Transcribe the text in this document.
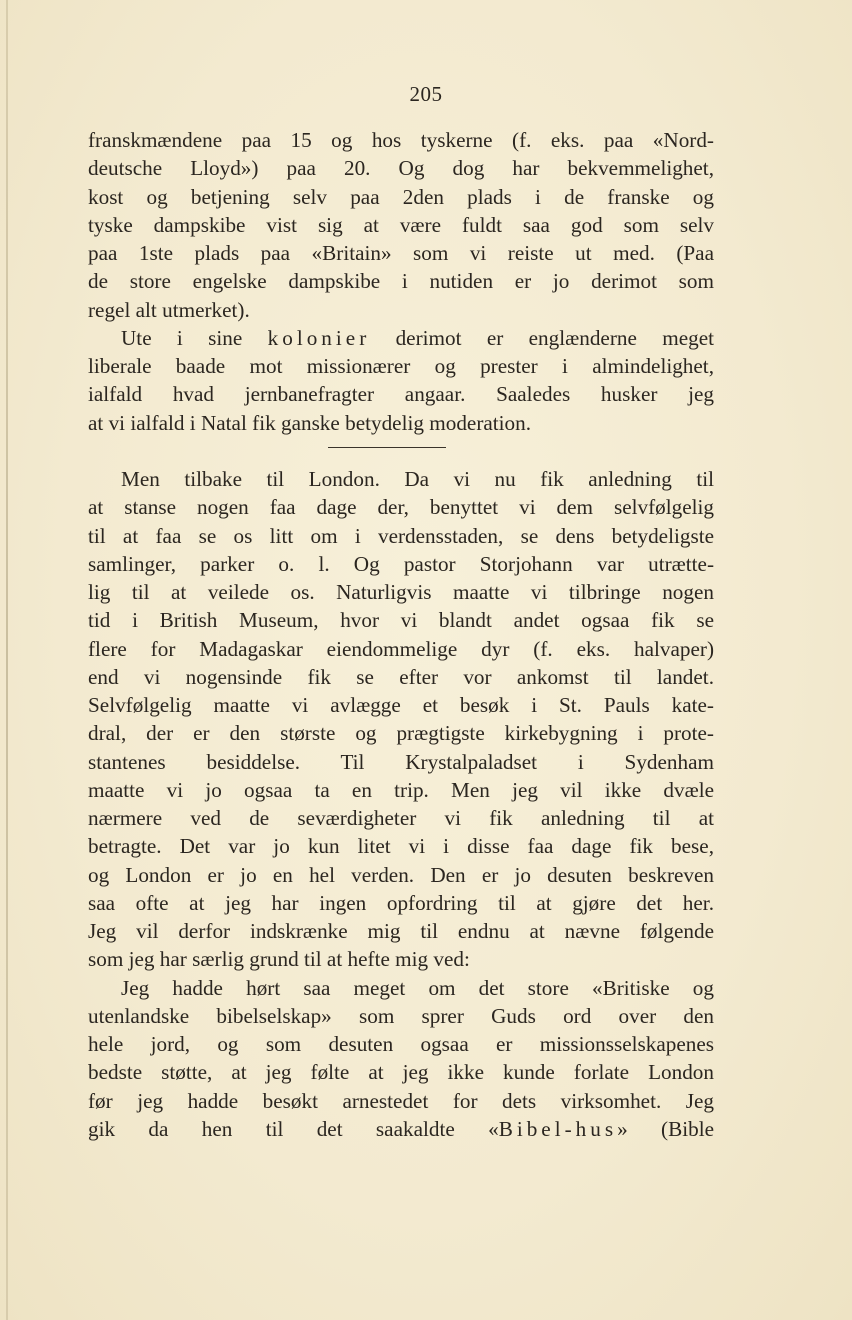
205
franskmændene paa 15 og hos tyskerne (f. eks. paa «Nord-
deutsche Lloyd») paa 20. Og dog har bekvemmelighet,
kost og betjening selv paa 2den plads i de franske og
tyske dampskibe vist sig at være fuldt saa god som selv
paa 1ste plads paa «Britain» som vi reiste ut med. (Paa
de store engelske dampskibe i nutiden er jo derimot som
regel alt utmerket).
Ute i sine kolonier derimot er englænderne meget
liberale baade mot missionærer og prester i almindelighet,
ialfald hvad jernbanefragter angaar. Saaledes husker jeg
at vi ialfald i Natal fik ganske betydelig moderation.
Men tilbake til London. Da vi nu fik anledning til
at stanse nogen faa dage der, benyttet vi dem selvfølgelig
til at faa se os litt om i verdensstaden, se dens betydeligste
samlinger, parker o. l. Og pastor Storjohann var utrætte-
lig til at veilede os. Naturligvis maatte vi tilbringe nogen
tid i British Museum, hvor vi blandt andet ogsaa fik se
flere for Madagaskar eiendommelige dyr (f. eks. halvaper)
end vi nogensinde fik se efter vor ankomst til landet.
Selvfølgelig maatte vi avlægge et besøk i St. Pauls kate-
dral, der er den største og prægtigste kirkebygning i prote-
stantenes besiddelse. Til Krystalpaladset i Sydenham
maatte vi jo ogsaa ta en trip. Men jeg vil ikke dvæle
nærmere ved de seværdigheter vi fik anledning til at
betragte. Det var jo kun litet vi i disse faa dage fik bese,
og London er jo en hel verden. Den er jo desuten beskreven
saa ofte at jeg har ingen opfordring til at gjøre det her.
Jeg vil derfor indskrænke mig til endnu at nævne følgende
som jeg har særlig grund til at hefte mig ved:
Jeg hadde hørt saa meget om det store «Britiske og
utenlandske bibelselskap» som sprer Guds ord over den
hele jord, og som desuten ogsaa er missionsselskapenes
bedste støtte, at jeg følte at jeg ikke kunde forlate London
før jeg hadde besøkt arnestedet for dets virksomhet. Jeg
gik da hen til det saakaldte «Bibel-hus» (Bible
